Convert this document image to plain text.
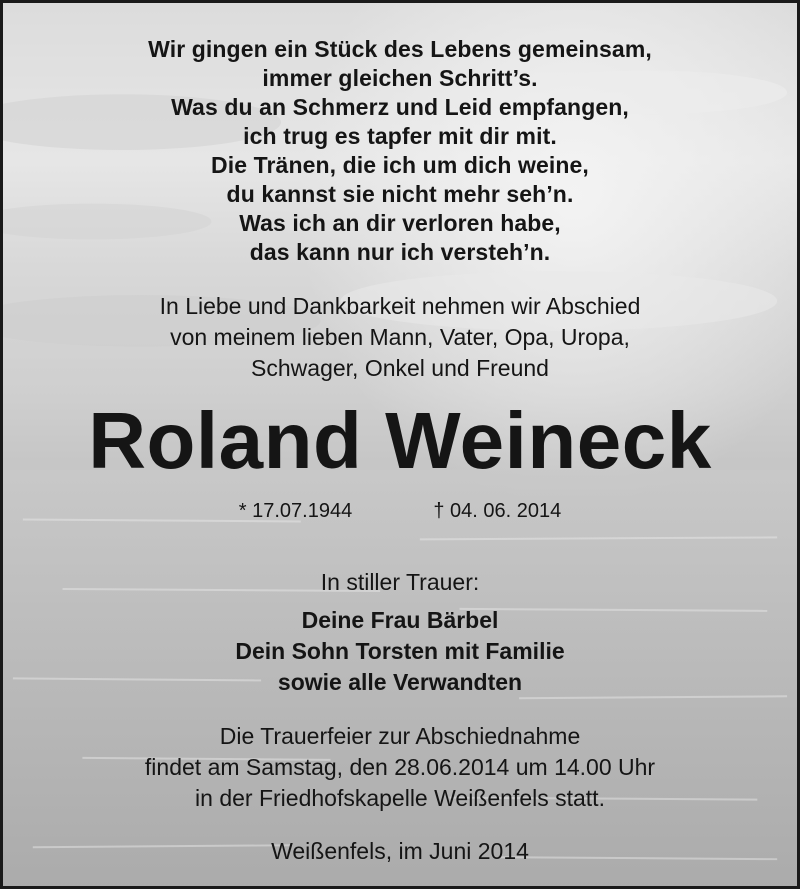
Wir gingen ein Stück des Lebens gemeinsam,
immer gleichen Schritt’s.
Was du an Schmerz und Leid empfangen,
ich trug es tapfer mit dir mit.
Die Tränen, die ich um dich weine,
du kannst sie nicht mehr seh’n.
Was ich an dir verloren habe,
das kann nur ich versteh’n.
In Liebe und Dankbarkeit nehmen wir Abschied
von meinem lieben Mann, Vater, Opa, Uropa,
Schwager, Onkel und Freund
Roland Weineck
* 17.07.1944	† 04. 06. 2014
In stiller Trauer:
Deine Frau Bärbel
Dein Sohn Torsten mit Familie
sowie alle Verwandten
Die Trauerfeier zur Abschiednahme
findet am Samstag, den 28.06.2014 um 14.00 Uhr
in der Friedhofskapelle Weißenfels statt.
Weißenfels, im Juni 2014
